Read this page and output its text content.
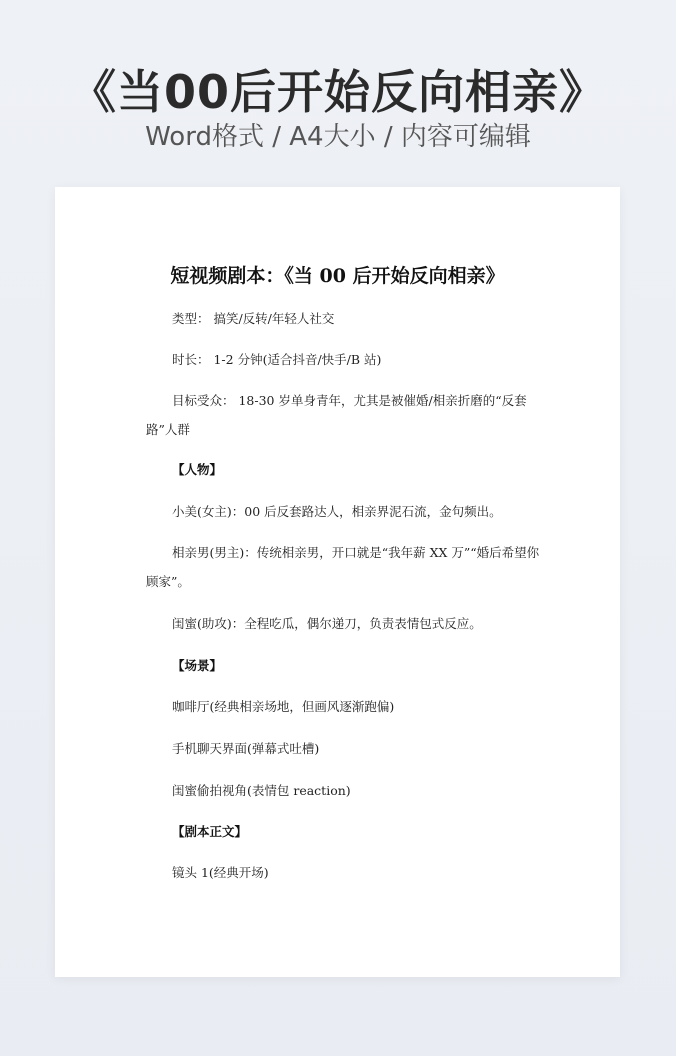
《当00后开始反向相亲》
Word格式 / A4大小 / 内容可编辑
短视频剧本：《当 00 后开始反向相亲》
类型： 搞笑/反转/年轻人社交
时长： 1-2 分钟(适合抖音/快手/B 站)
目标受众： 18-30 岁单身青年，尤其是被催婚/相亲折磨的“反套路”人群
【人物】
小美(女主)：00 后反套路达人，相亲界泥石流，金句频出。
相亲男(男主)：传统相亲男，开口就是“我年薪 XX 万”“婚后希望你顾家”。
闺蜜(助攻)：全程吃瓜，偶尔递刀，负责表情包式反应。
【场景】
咖啡厅(经典相亲场地，但画风逐渐跑偏)
手机聊天界面(弹幕式吐槽)
闺蜜偷拍视角(表情包 reaction)
【剧本正文】
镜头 1(经典开场)
